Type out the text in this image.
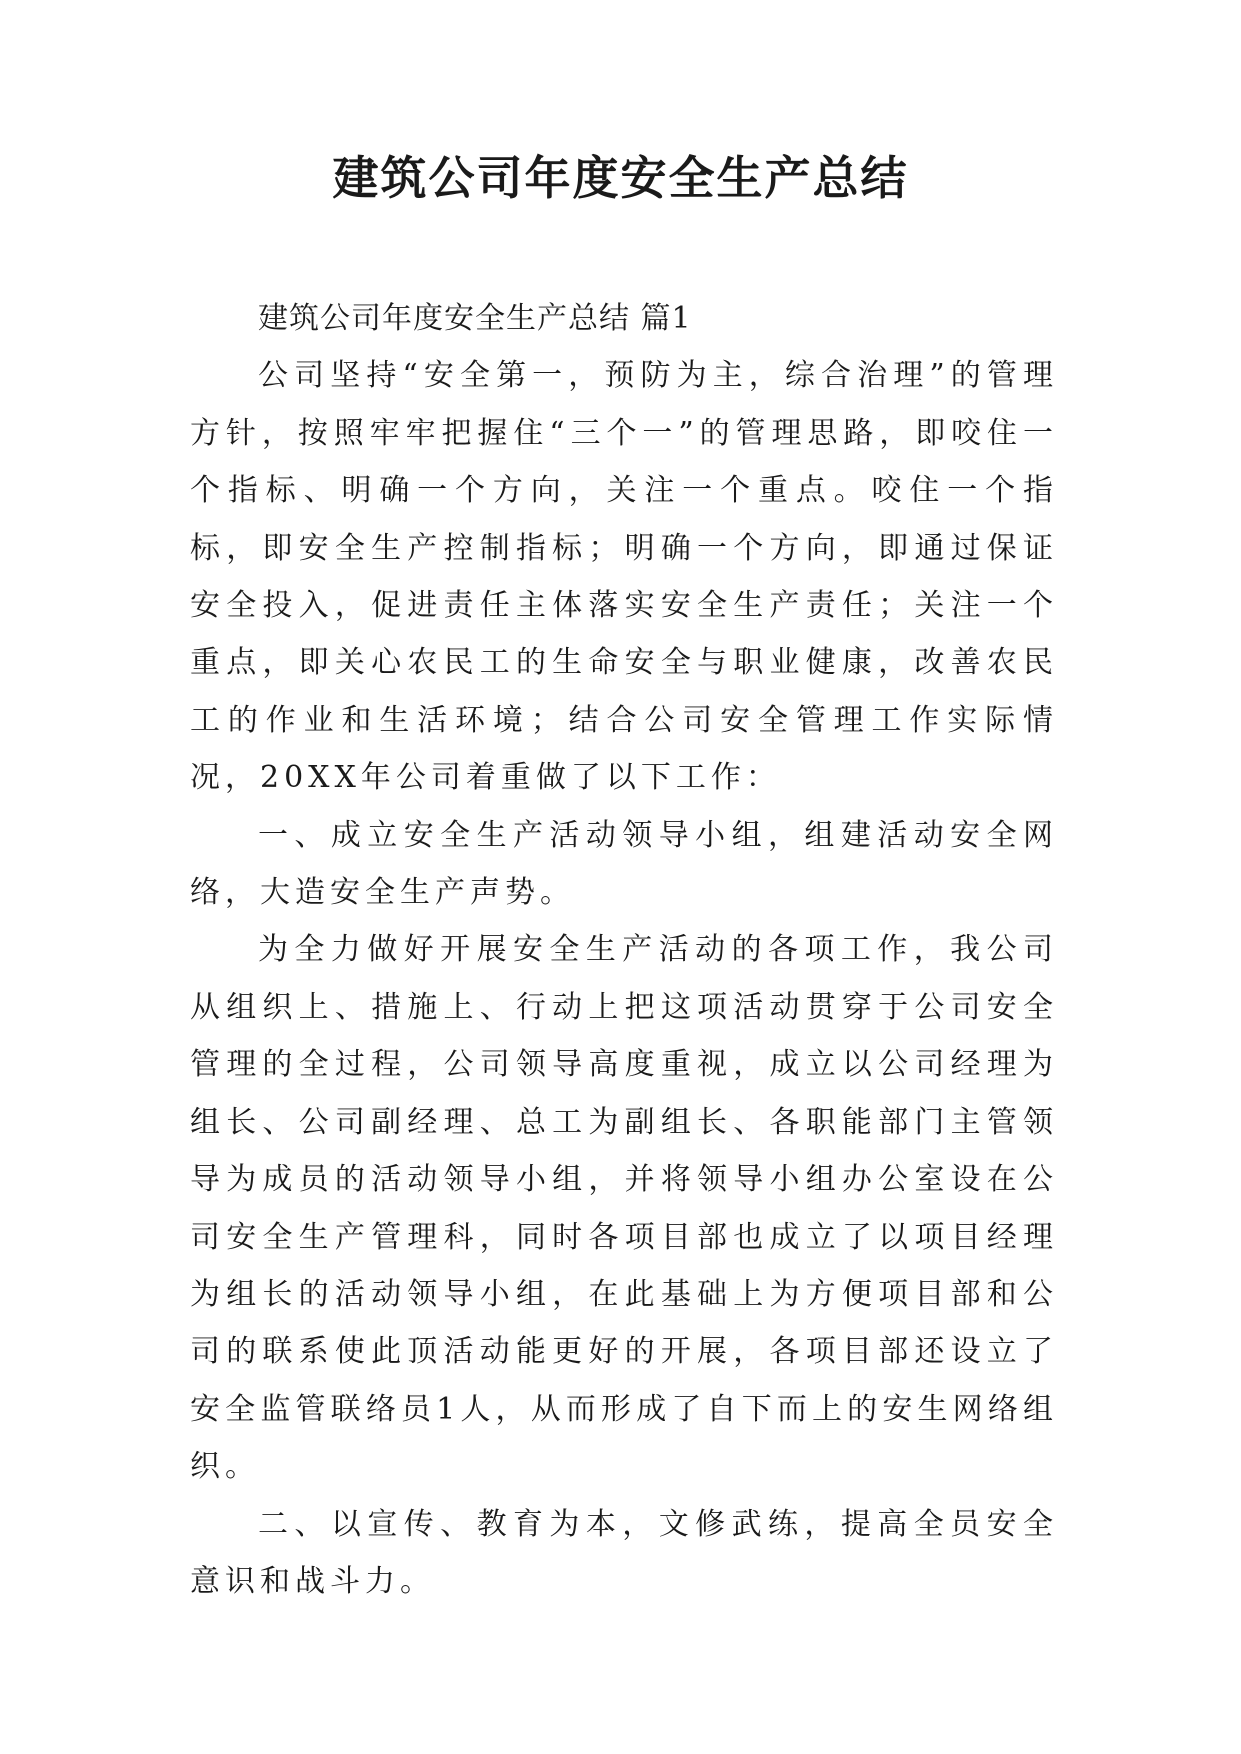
建筑公司年度安全生产总结

建筑公司年度安全生产总结 篇1

公司坚持“安全第一，预防为主，综合治理”的管理方针，按照牢牢把握住“三个一”的管理思路，即咬住一个指标、明确一个方向，关注一个重点。咬住一个指标，即安全生产控制指标；明确一个方向，即通过保证安全投入，促进责任主体落实安全生产责任；关注一个重点，即关心农民工的生命安全与职业健康，改善农民工的作业和生活环境；结合公司安全管理工作实际情况，20XX年公司着重做了以下工作：

一、成立安全生产活动领导小组，组建活动安全网络，大造安全生产声势。

为全力做好开展安全生产活动的各项工作，我公司从组织上、措施上、行动上把这项活动贯穿于公司安全管理的全过程，公司领导高度重视，成立以公司经理为组长、公司副经理、总工为副组长、各职能部门主管领导为成员的活动领导小组，并将领导小组办公室设在公司安全生产管理科，同时各项目部也成立了以项目经理为组长的活动领导小组，在此基础上为方便项目部和公司的联系使此顶活动能更好的开展，各项目部还设立了安全监管联络员1人，从而形成了自下而上的安生网络组织。

二、以宣传、教育为本，文修武练，提高全员安全意识和战斗力。
